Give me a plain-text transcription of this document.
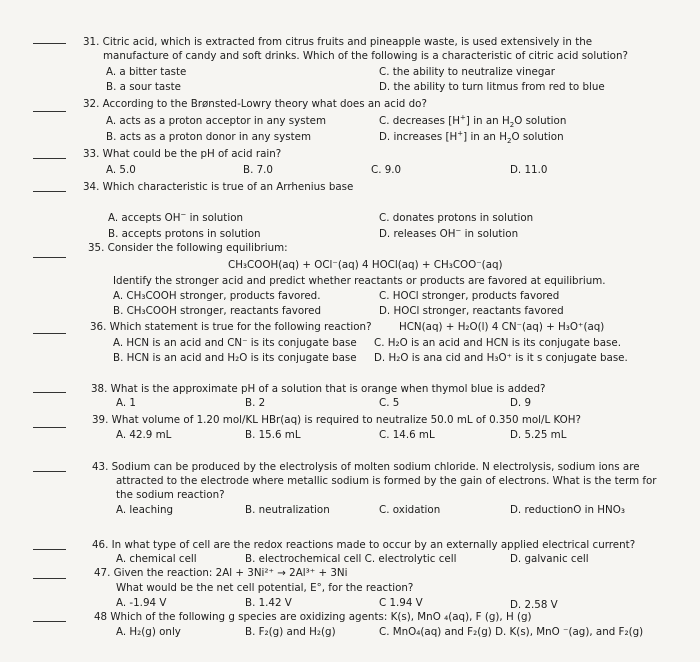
31. Citric acid, which is extracted from citrus fruits and pineapple waste, is used extensively in the
manufacture of candy and soft drinks. Which of the following is a characteristic of citric acid solution?
A. a bitter taste	C. the ability to neutralize vinegar
B. a sour taste	D. the ability to turn litmus from red to blue
32. According to the Brønsted-Lowry theory what does an acid do?
A. acts as a proton acceptor in any system	C. decreases [H+] in an $H_2O$ solution
B. acts as a proton donor in any system	D. increases [H+] in an $H_2O$ solution
33. What could be the pH of acid rain?
A. 5.0	B. 7.0	C. 9.0	D. 11.0
34. Which characteristic is true of an Arrhenius base
A. accepts OH− in solution	C. donates protons in solution
B. accepts protons in solution	D. releases OH− in solution
35. Consider the following equilibrium:
CH₃COOH(aq) + OCl⁻(aq) 4 HOCl(aq) + CH₃COO⁻(aq)
Identify the stronger acid and predict whether reactants or products are favored at equilibrium.
A. CH₃COOH stronger, products favored.	C. HOCl stronger, products favored
B. CH₃COOH stronger, reactants favored	D. HOCl stronger, reactants favored
36. Which statement is true for the following reaction?	HCN(aq) + H₂O(l) 4 CN⁻(aq) + H₃O⁺(aq)
A. HCN is an acid and CN⁻ is its conjugate base C. H₂O is an acid and HCN is its conjugate base.
B. HCN is an acid and H₂O is its conjugate base D. H₂O is ana cid and H₃O⁺ is it s conjugate base.
38. What is the approximate pH of a solution that is orange when thymol blue is added?
A. 1	B. 2	C. 5	D. 9
39. What volume of 1.20 mol/KL HBr(aq) is required to neutralize 50.0 mL of 0.350 mol/L KOH?
A. 42.9 mL	B. 15.6 mL	C. 14.6 mL	D. 5.25 mL
43. Sodium can be produced by the electrolysis of molten sodium chloride. N electrolysis, sodium ions are
attracted to the electrode where metallic sodium is formed by the gain of electrons. What is the term for
the sodium reaction?
A. leaching	B. neutralization	C. oxidation	D. reductionO in HNO₃
46. In what type of cell are the redox reactions made to occur by an externally applied electrical current?
A. chemical cell	B. electrochemical cell C. electrolytic cell	D. galvanic cell
47. Given the reaction: 2Al + 3Ni²⁺ → 2Al³⁺ + 3Ni
What would be the net cell potential, E°, for the reaction?
A. -1.94 V	B. 1.42 V	C 1.94 V	D. 2.58 V
48 Which of the following g species are oxidizing agents: K(s), MnO ₄(aq), F (g), H (g)
A. H₂(g) only	B. F₂(g) and H₂(g)	C. MnO₄(aq) and F₂(g) D. K(s), MnO ⁻(ag), and F₂(g)
